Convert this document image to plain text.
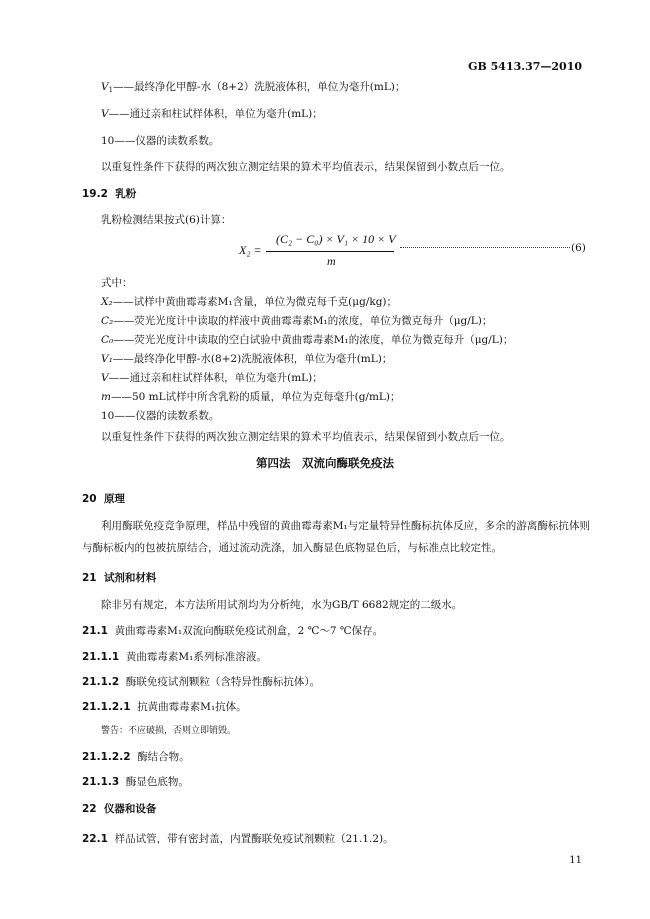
GB 5413.37—2010
$V_1——$最终净化甲醇-水（8+2）洗脱液体积，单位为毫升(mL)；
V——通过亲和柱试样体积，单位为毫升(mL)；
10——仪器的读数系数。
以重复性条件下获得的两次独立测定结果的算术平均值表示，结果保留到小数点后一位。
19.2 乳粉
乳粉检测结果按式(6)计算：
X₂ =
(C₂ − C₀) × V₁ × 10 × V
m
(6)
式中：
X₂——试样中黄曲霉毒素M₁含量，单位为微克每千克(μg/kg)；
C₂——荧光光度计中读取的样液中黄曲霉毒素M₁的浓度，单位为微克每升（μg/L)；
C₀——荧光光度计中读取的空白试验中黄曲霉毒素M₁的浓度，单位为微克每升（μg/L)；
V₁——最终净化甲醇-水(8+2)洗脱液体积，单位为毫升(mL)；
V——通过亲和柱试样体积，单位为毫升(mL)；
m——50 mL试样中所含乳粉的质量，单位为克每毫升(g/mL)；
10——仪器的读数系数。
以重复性条件下获得的两次独立测定结果的算术平均值表示，结果保留到小数点后一位。
第四法　双流向酶联免疫法
20 原理
利用酶联免疫竞争原理，样品中残留的黄曲霉毒素M₁与定量特异性酶标抗体反应，多余的游离酶标抗体则与酶标板内的包被抗原结合，通过流动洗涤，加入酶显色底物显色后，与标准点比较定性。
21 试剂和材料
除非另有规定，本方法所用试剂均为分析纯，水为GB/T 6682规定的二级水。
21.1 黄曲霉毒素M₁双流向酶联免疫试剂盒，2 ℃～7 ℃保存。
21.1.1 黄曲霉毒素M₁系列标准溶液。
21.1.2 酶联免疫试剂颗粒（含特异性酶标抗体）。
21.1.2.1 抗黄曲霉毒素M₁抗体。
警告：不应破损，否则立即销毁。
21.1.2.2 酶结合物。
21.1.3 酶显色底物。
22 仪器和设备
22.1 样品试管，带有密封盖，内置酶联免疫试剂颗粒（21.1.2)。
11
